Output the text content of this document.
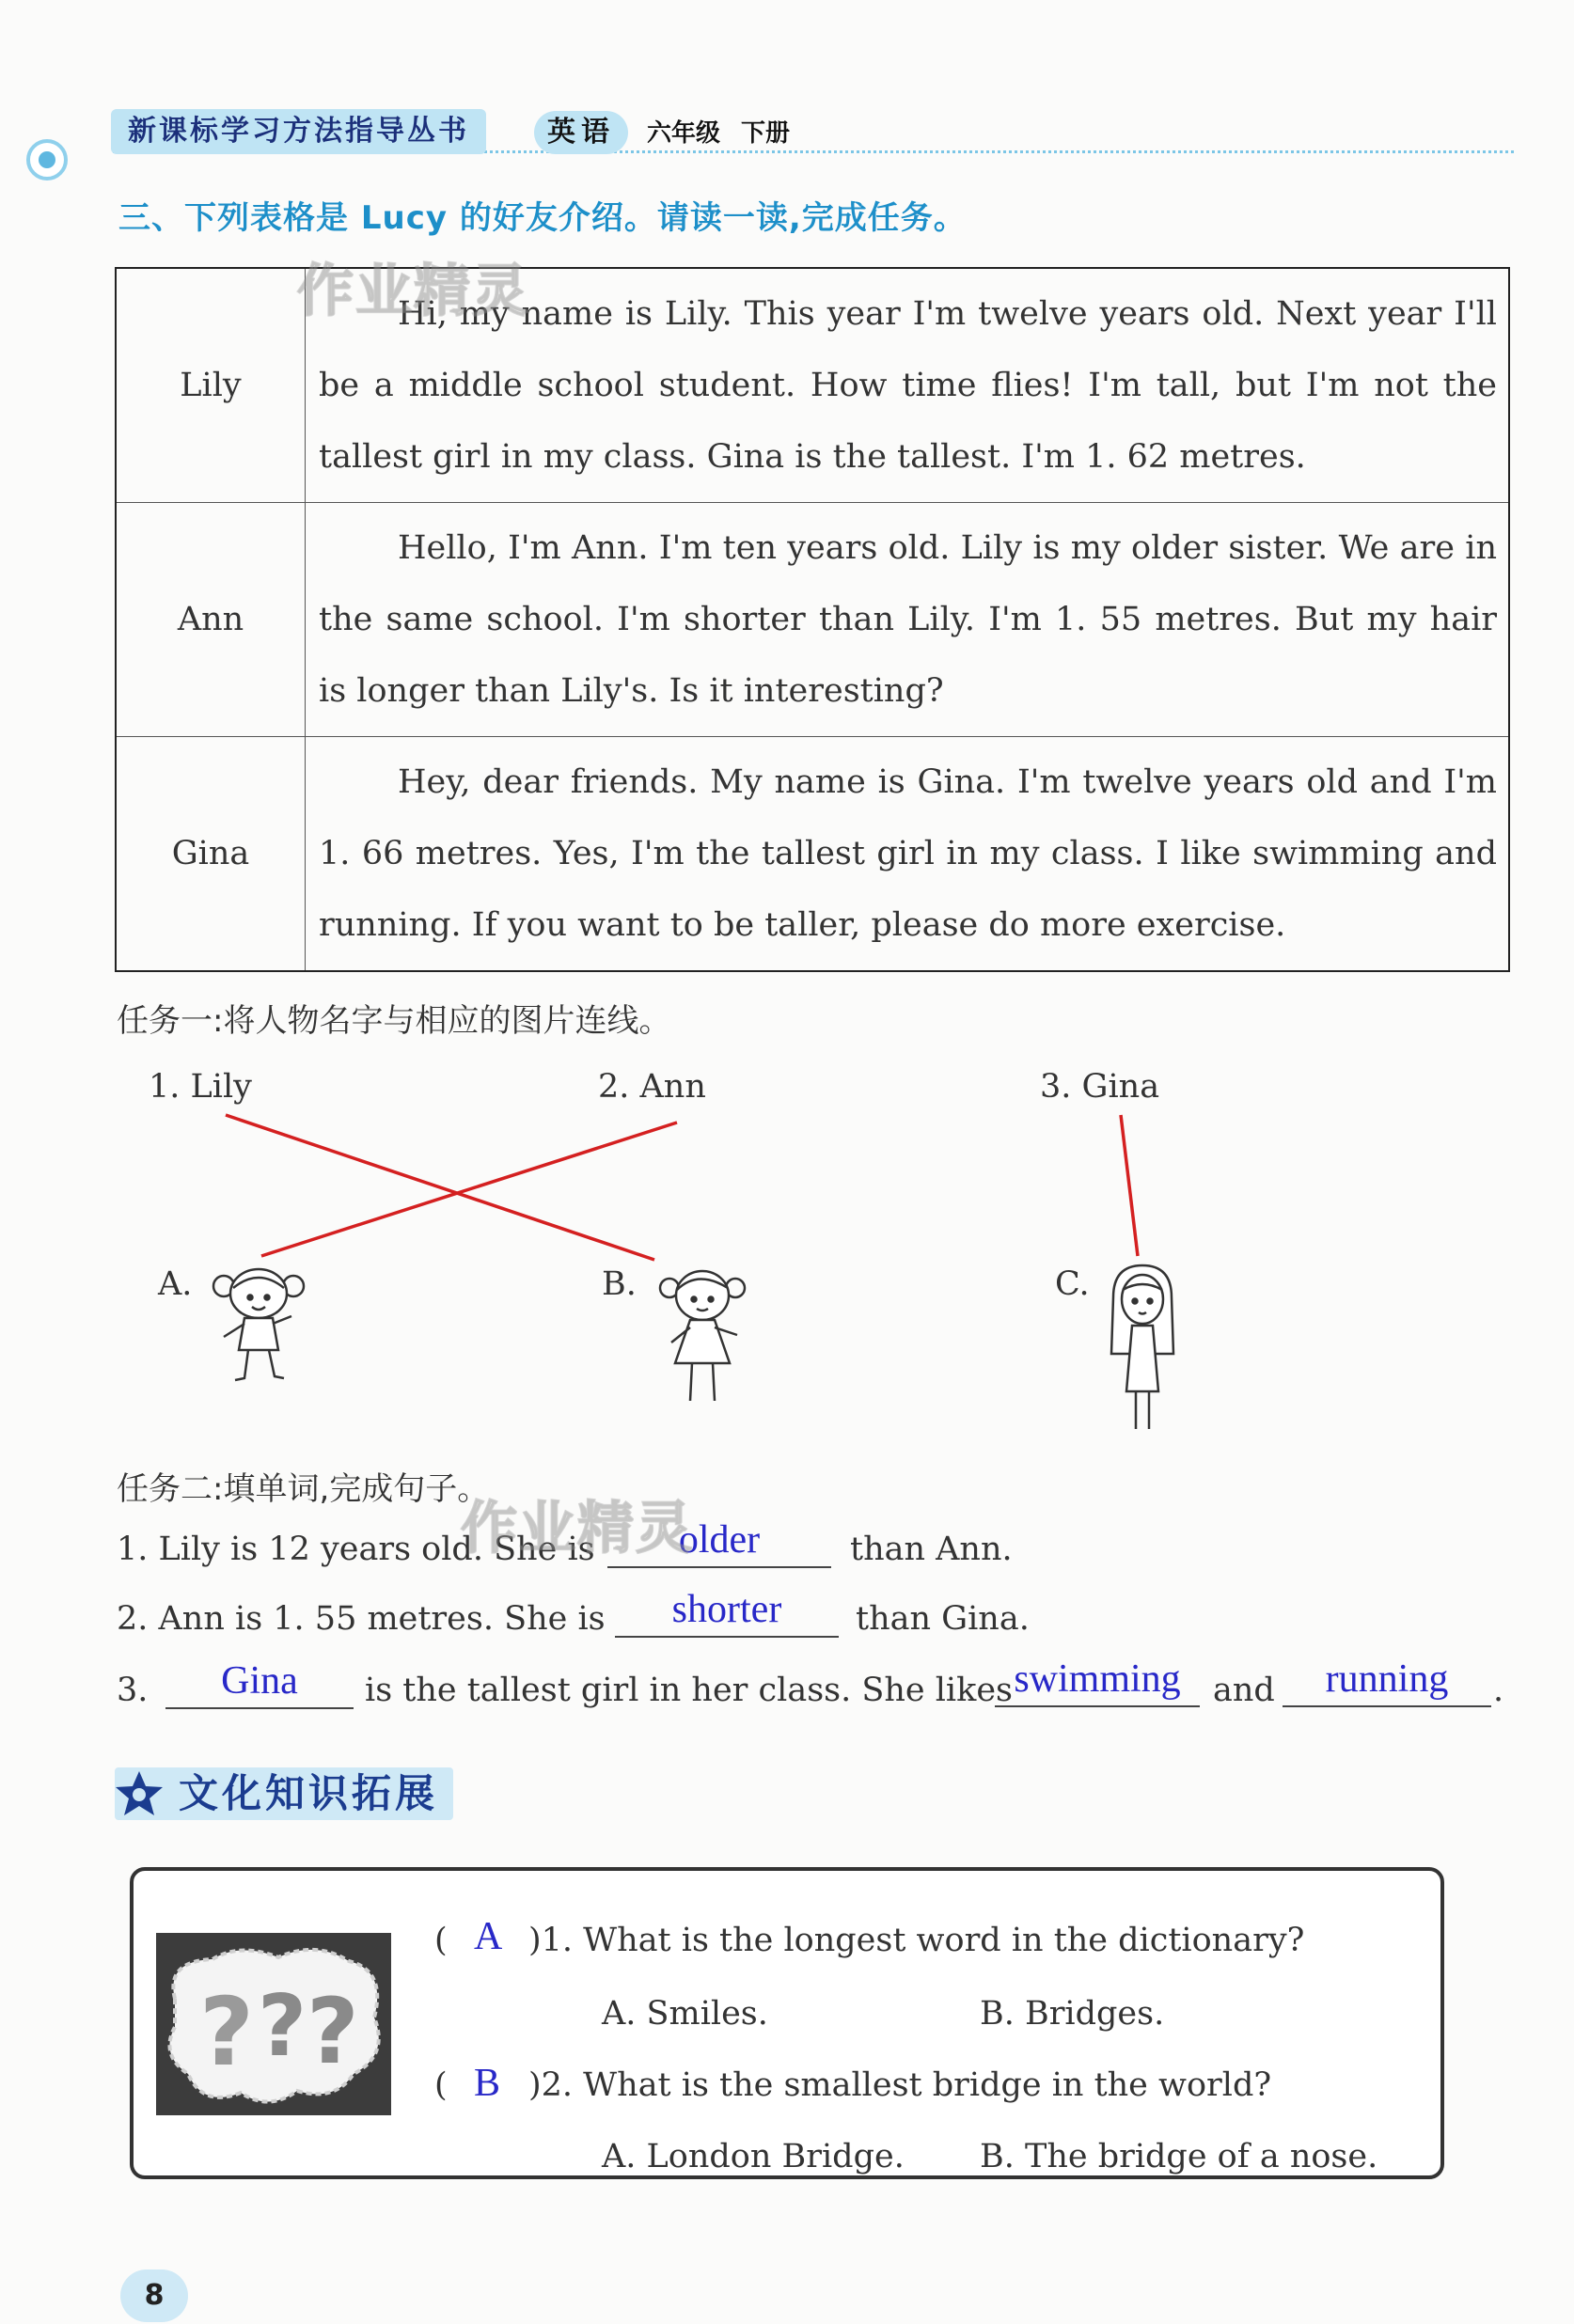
新课标学习方法指导丛书	英语	六年级 下册
三、下列表格是 Lucy 的好友介绍。请读一读,完成任务。
Lily	Hi, my name is Lily. This year I'm twelve years old. Next year I'll be a middle school student. How time flies! I'm tall, but I'm not the tallest girl in my class. Gina is the tallest. I'm 1. 62 metres.
Ann	Hello, I'm Ann. I'm ten years old. Lily is my older sister. We are in the same school. I'm shorter than Lily. I'm 1. 55 metres. But my hair is longer than Lily's. Is it interesting?
Gina	Hey, dear friends. My name is Gina. I'm twelve years old and I'm 1. 66 metres. Yes, I'm the tallest girl in my class. I like swimming and running. If you want to be taller, please do more exercise.
任务一:将人物名字与相应的图片连线。
1. Lily	2. Ann	3. Gina
A.	B.	C.
任务二:填单词,完成句子。
1. Lily is 12 years old. She is	older	than Ann.
2. Ann is 1. 55 metres. She is	shorter	than Gina.
3.	Gina	is the tallest girl in her class. She likes swimming and	running	.
文化知识拓展
? ? ?
( A )1. What is the longest word in the dictionary?
A. Smiles.	B. Bridges.
( B )2. What is the smallest bridge in the world?
A. London Bridge. B. The bridge of a nose.
8
作业精灵
作业精灵
